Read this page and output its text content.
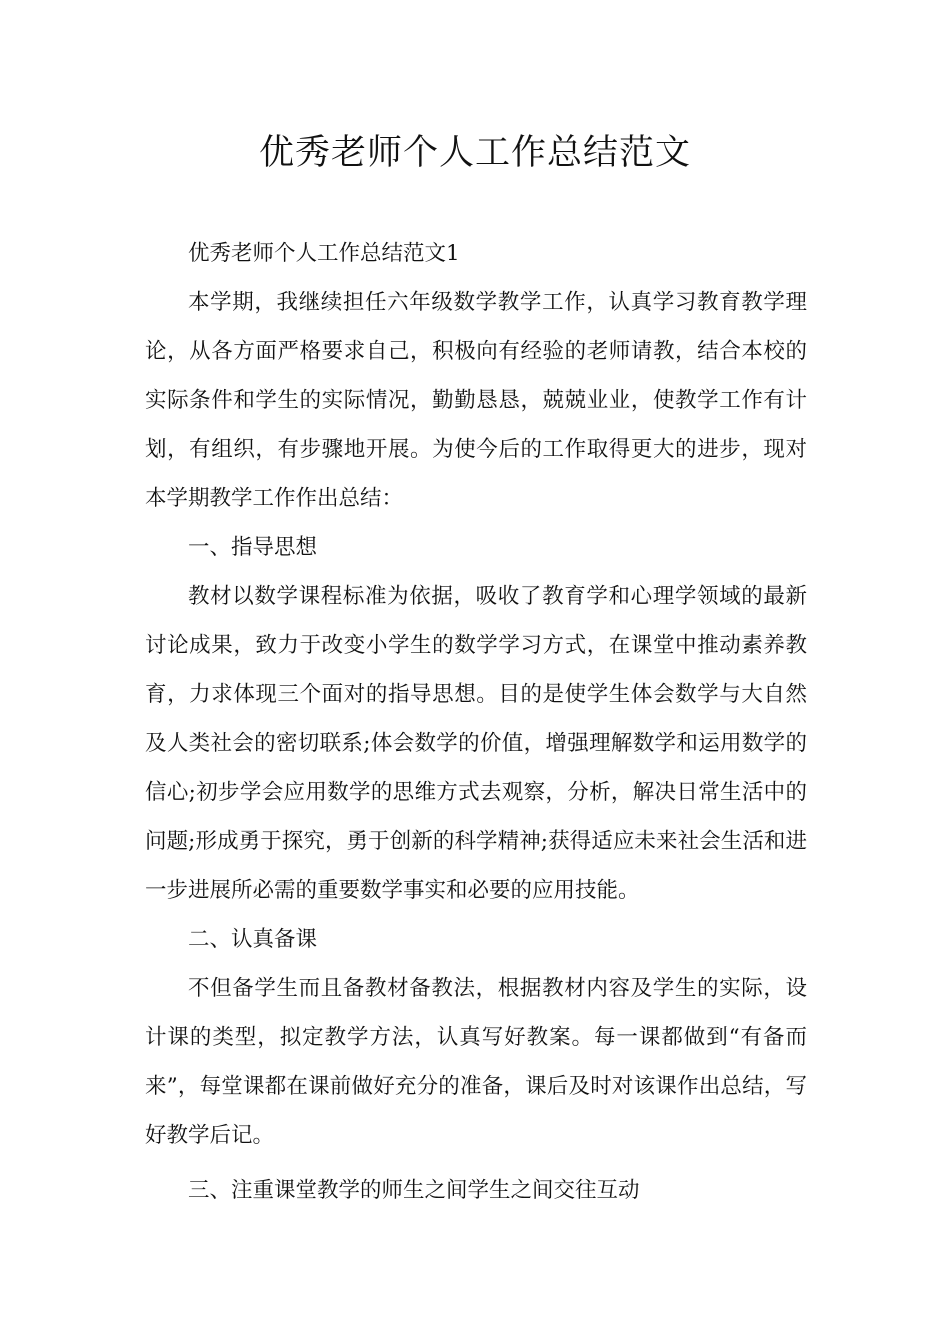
优秀老师个人工作总结范文

优秀老师个人工作总结范文1

本学期，我继续担任六年级数学教学工作，认真学习教育教学理论，从各方面严格要求自己，积极向有经验的老师请教，结合本校的实际条件和学生的实际情况，勤勤恳恳，兢兢业业，使教学工作有计划，有组织，有步骤地开展。为使今后的工作取得更大的进步，现对本学期教学工作作出总结：

一、指导思想

教材以数学课程标准为依据，吸收了教育学和心理学领域的最新讨论成果，致力于改变小学生的数学学习方式，在课堂中推动素养教育，力求体现三个面对的指导思想。目的是使学生体会数学与大自然及人类社会的密切联系;体会数学的价值，增强理解数学和运用数学的信心;初步学会应用数学的思维方式去观察，分析，解决日常生活中的问题;形成勇于探究，勇于创新的科学精神;获得适应未来社会生活和进一步进展所必需的重要数学事实和必要的应用技能。

二、认真备课

不但备学生而且备教材备教法，根据教材内容及学生的实际，设计课的类型，拟定教学方法，认真写好教案。每一课都做到“有备而来”，每堂课都在课前做好充分的准备，课后及时对该课作出总结，写好教学后记。

三、注重课堂教学的师生之间学生之间交往互动
